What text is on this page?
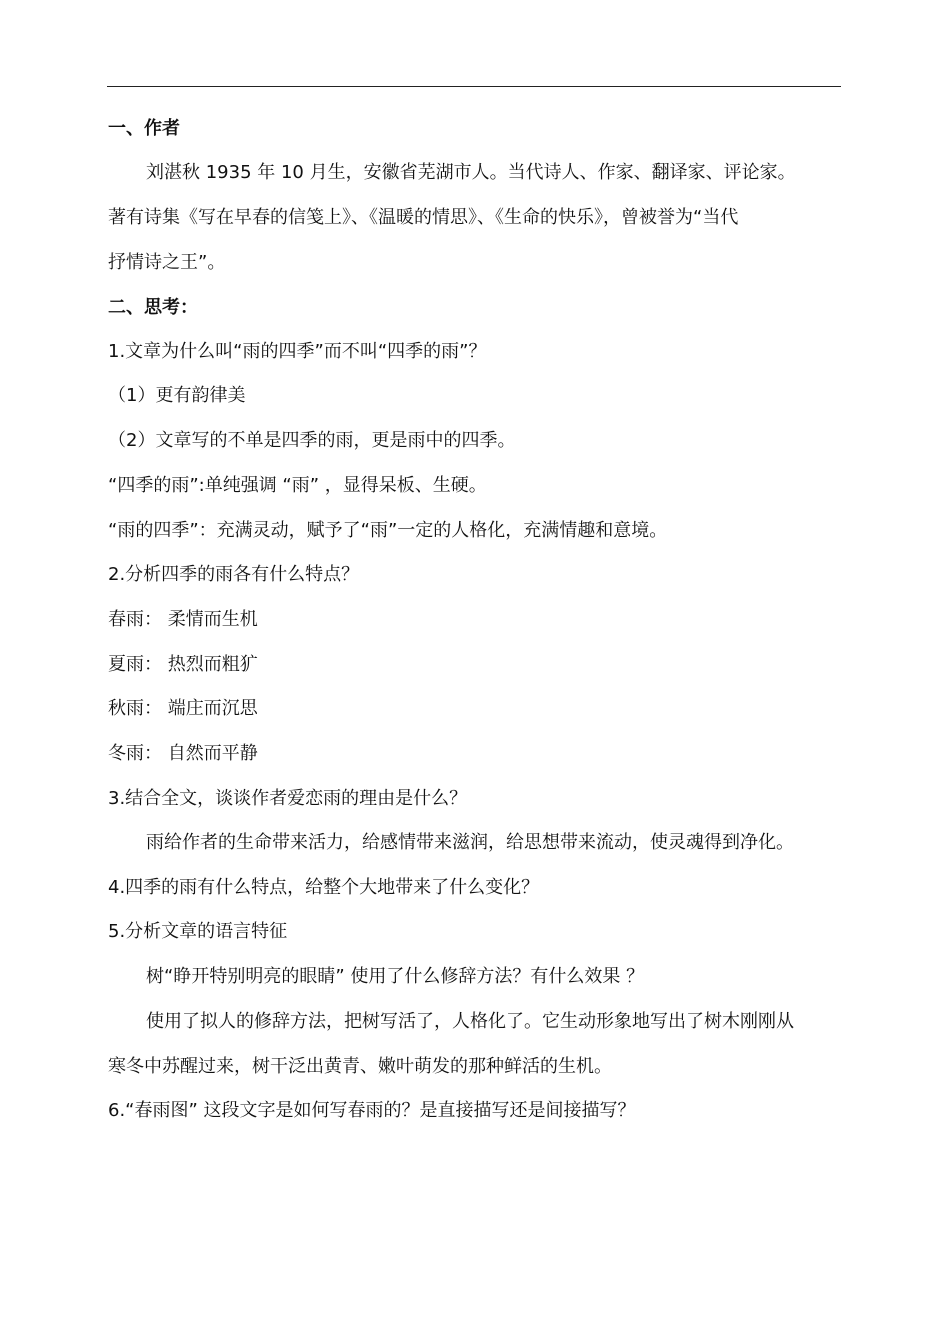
一、作者
刘湛秋 1935 年 10 月生，安徽省芜湖市人。当代诗人、作家、翻译家、评论家。
著有诗集《写在早春的信笺上》、《温暖的情思》、《生命的快乐》，曾被誉为“当代
抒情诗之王”。
二、思考：
1.文章为什么叫“雨的四季”而不叫“四季的雨”？
（1）更有韵律美
（2）文章写的不单是四季的雨，更是雨中的四季。
“四季的雨”:单纯强调 “雨” ，显得呆板、生硬。
“雨的四季”：充满灵动，赋予了“雨”一定的人格化，充满情趣和意境。
2.分析四季的雨各有什么特点？
春雨： 柔情而生机
夏雨： 热烈而粗犷
秋雨： 端庄而沉思
冬雨： 自然而平静
3.结合全文，谈谈作者爱恋雨的理由是什么？
雨给作者的生命带来活力，给感情带来滋润，给思想带来流动，使灵魂得到净化。
4.四季的雨有什么特点，给整个大地带来了什么变化？
5.分析文章的语言特征
树“睁开特别明亮的眼睛” 使用了什么修辞方法？有什么效果 ？
使用了拟人的修辞方法，把树写活了，人格化了。它生动形象地写出了树木刚刚从
寒冬中苏醒过来，树干泛出黄青、嫩叶萌发的那种鲜活的生机。
6.“春雨图” 这段文字是如何写春雨的？是直接描写还是间接描写？
